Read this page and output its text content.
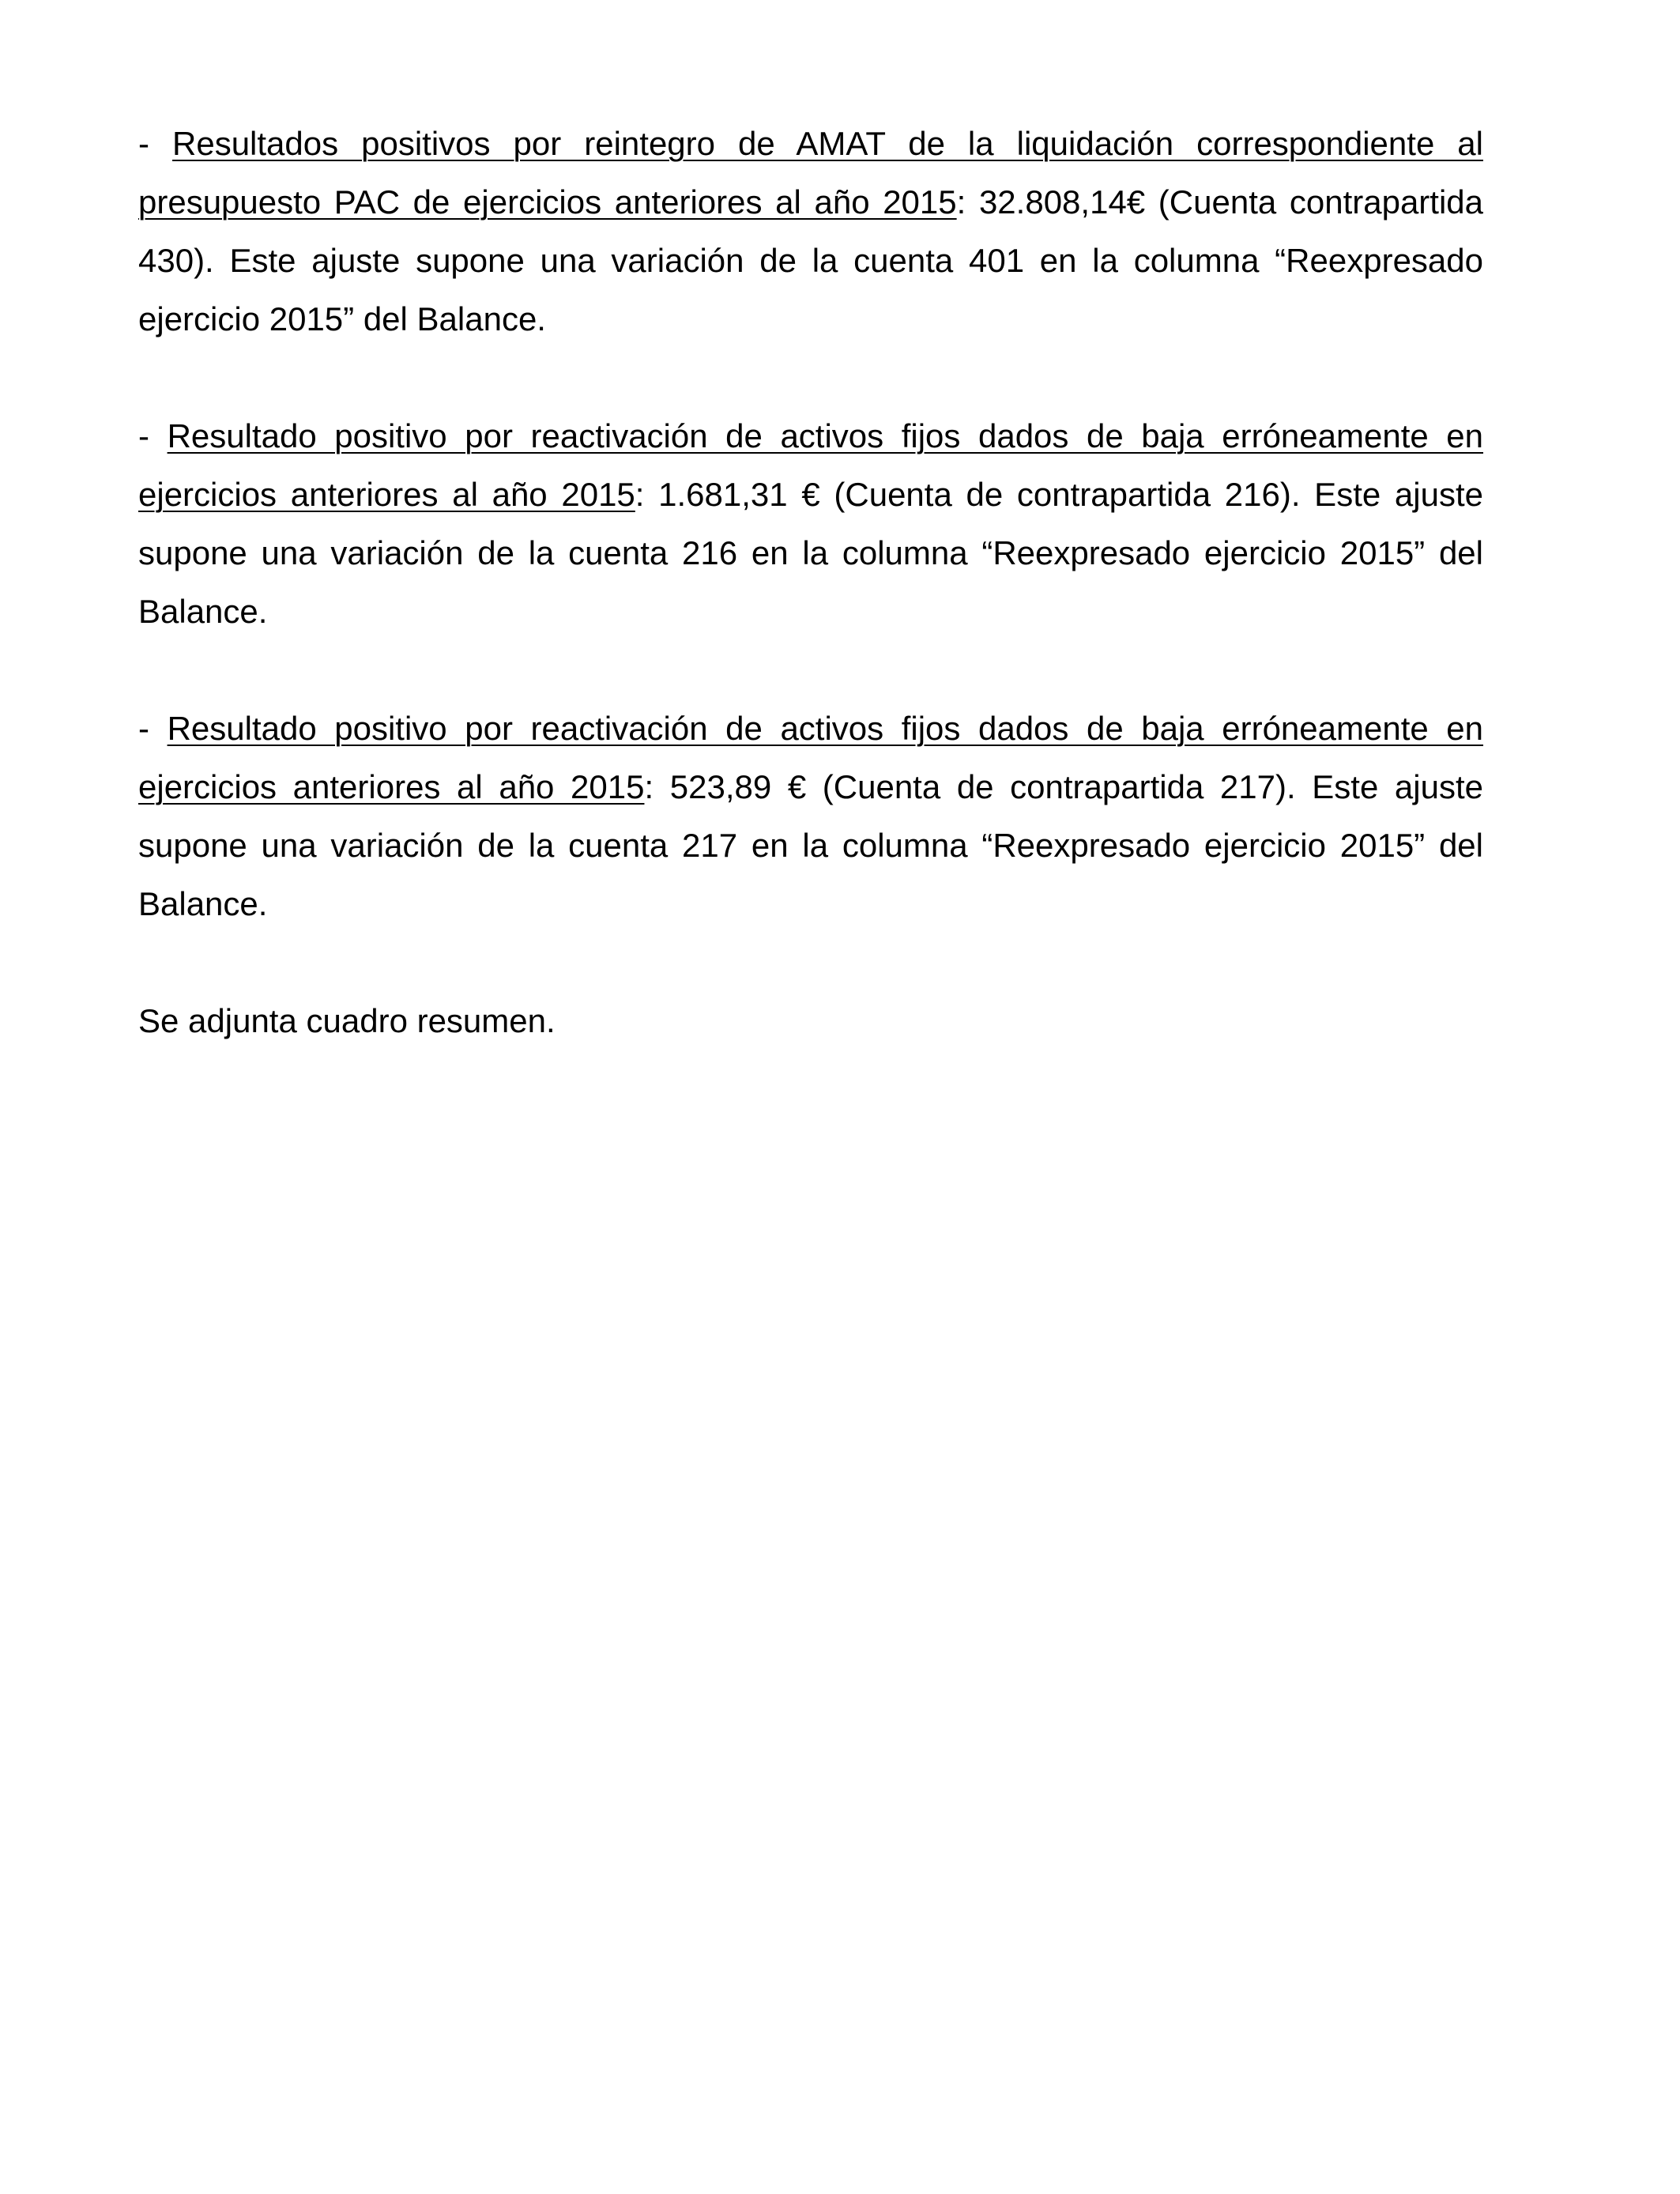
- Resultados positivos por reintegro de AMAT de la liquidación correspondiente al presupuesto PAC de ejercicios anteriores al año 2015: 32.808,14€ (Cuenta contrapartida 430). Este ajuste supone una variación de la cuenta 401 en la columna “Reexpresado ejercicio 2015” del Balance.

- Resultado positivo por reactivación de activos fijos dados de baja erróneamente en ejercicios anteriores al año 2015: 1.681,31 € (Cuenta de contrapartida 216). Este ajuste supone una variación de la cuenta 216 en la columna “Reexpresado ejercicio 2015” del Balance.

- Resultado positivo por reactivación de activos fijos dados de baja erróneamente en ejercicios anteriores al año 2015: 523,89 € (Cuenta de contrapartida 217). Este ajuste supone una variación de la cuenta 217 en la columna “Reexpresado ejercicio 2015” del Balance.

Se adjunta cuadro resumen.
